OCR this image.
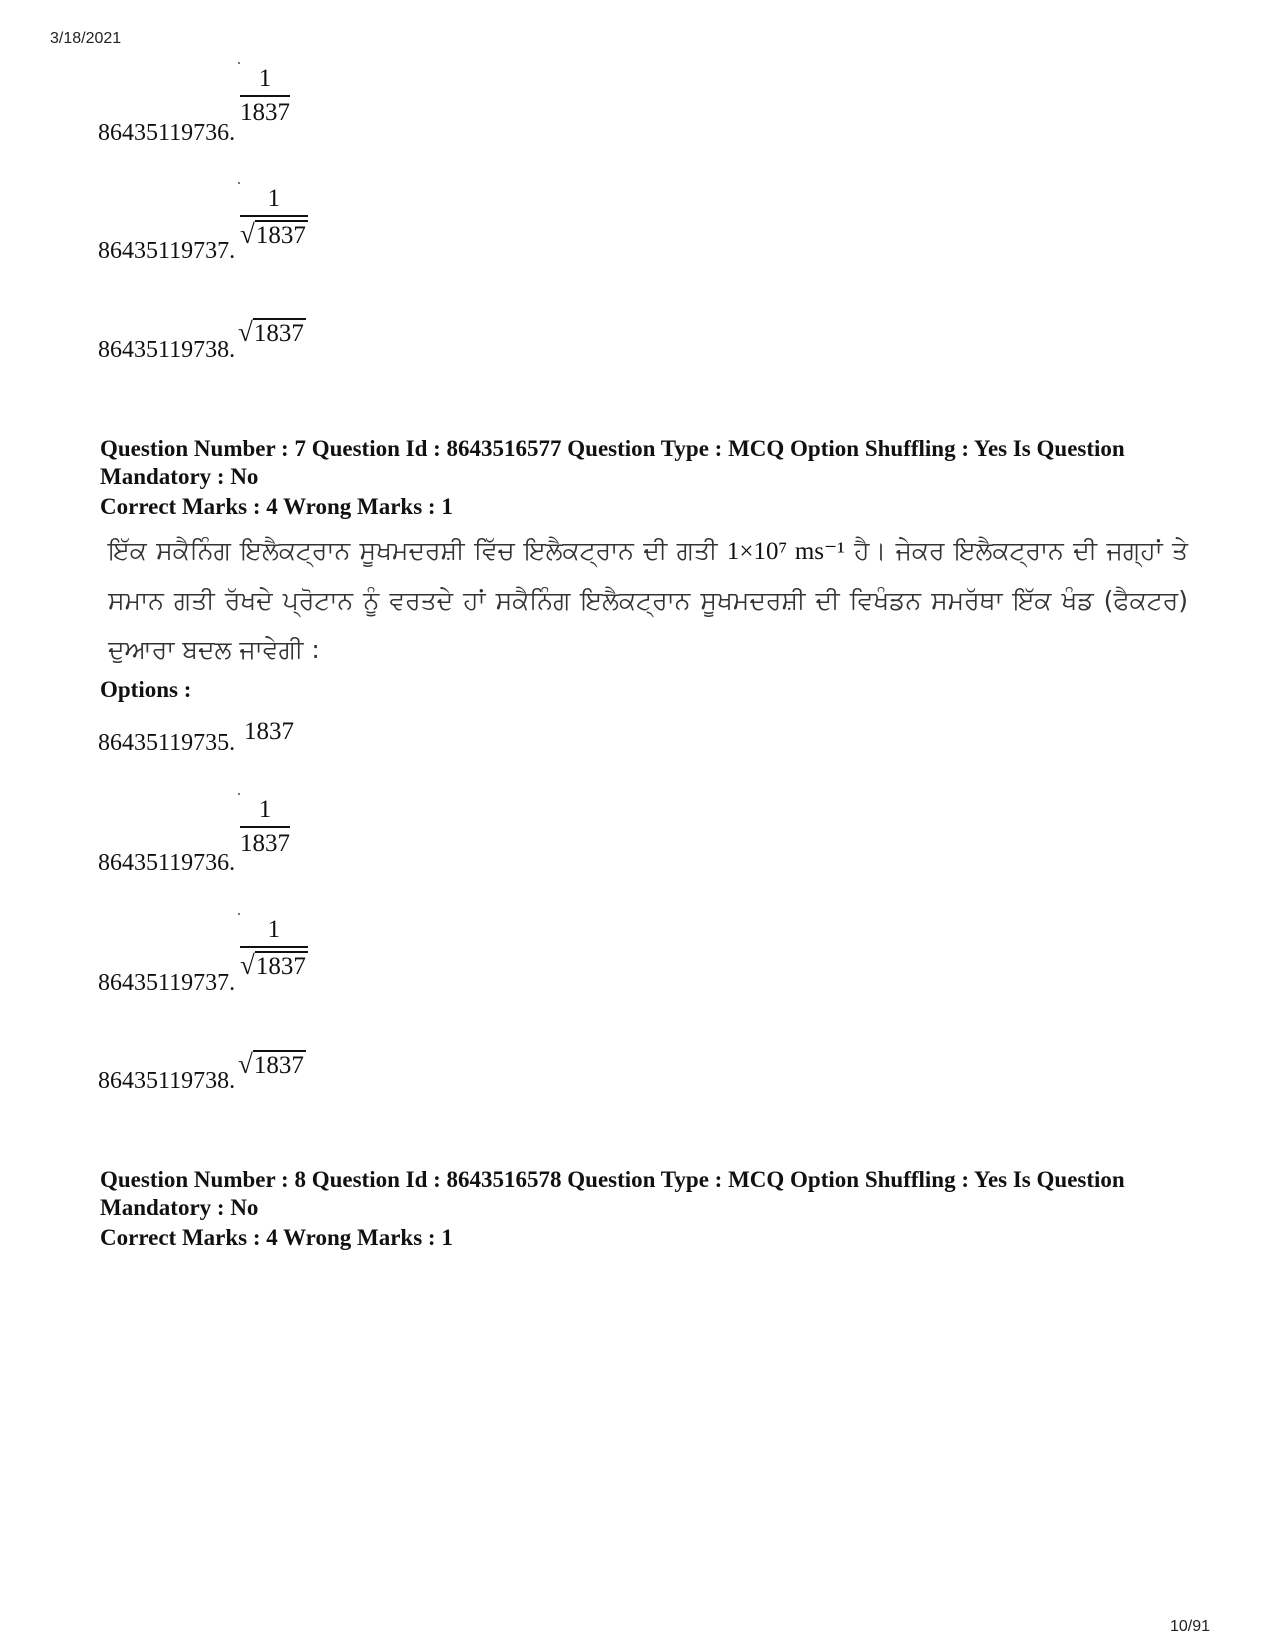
3/18/2021
1
1837
86435119736.
1
√ 1837
86435119737.
√ 1837
86435119738.
Question Number : 7 Question Id : 8643516577 Question Type : MCQ Option Shuffling : Yes Is Question Mandatory : No
Correct Marks : 4 Wrong Marks : 1
ਇੱਕ ਸਕੈਨਿੰਗ ਇਲੈਕਟ੍ਰਾਨ ਸੂਖਮਦਰਸ਼ੀ ਵਿੱਚ ਇਲੈਕਟ੍ਰਾਨ ਦੀ ਗਤੀ 1×10⁷ ms⁻¹ ਹੈ। ਜੇਕਰ ਇਲੈਕਟ੍ਰਾਨ ਦੀ ਜਗ੍ਹਾਂ ਤੇ ਸਮਾਨ ਗਤੀ ਰੱਖਦੇ ਪ੍ਰੋਟਾਨ ਨੂੰ ਵਰਤਦੇ ਹਾਂ ਸਕੈਨਿੰਗ ਇਲੈਕਟ੍ਰਾਨ ਸੂਖਮਦਰਸ਼ੀ ਦੀ ਵਿਖੰਡਨ ਸਮਰੱਥਾ ਇੱਕ ਖੰਡ (ਫੈਕਟਰ) ਦੁਆਰਾ ਬਦਲ ਜਾਵੇਗੀ :
Options :
1837
86435119735.
1
1837
86435119736.
1
√ 1837
86435119737.
√ 1837
86435119738.
Question Number : 8 Question Id : 8643516578 Question Type : MCQ Option Shuffling : Yes Is Question Mandatory : No
Correct Marks : 4 Wrong Marks : 1
10/91
